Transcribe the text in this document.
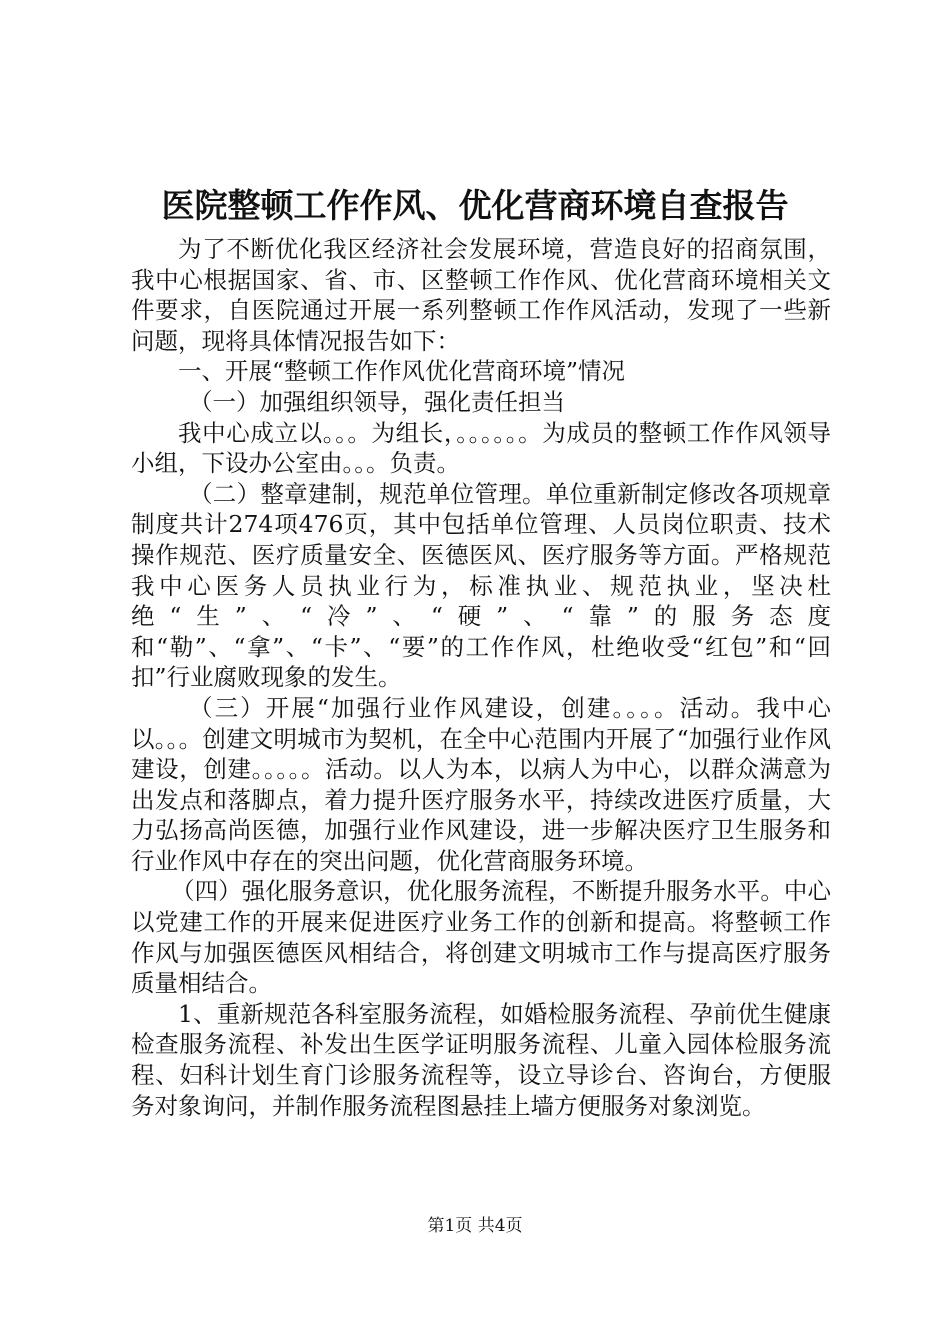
医院整顿工作作风、优化营商环境自查报告

为了不断优化我区经济社会发展环境，营造良好的招商氛围，我中心根据国家、省、市、区整顿工作作风、优化营商环境相关文件要求，自医院通过开展一系列整顿工作作风活动，发现了一些新问题，现将具体情况报告如下：

一、开展“整顿工作作风优化营商环境”情况

（一）加强组织领导，强化责任担当

我中心成立以。。。为组长，。。。。。。为成员的整顿工作作风领导小组，下设办公室由。。。负责。

（二）整章建制，规范单位管理。单位重新制定修改各项规章制度共计274项476页，其中包括单位管理、人员岗位职责、技术操作规范、医疗质量安全、医德医风、医疗服务等方面。严格规范我中心医务人员执业行为，标准执业、规范执业，坚决杜绝“生”、“冷”、“硬”、“靠”的服务态度和“勒”、“拿”、“卡”、“要”的工作作风，杜绝收受“红包”和“回扣”行业腐败现象的发生。

（三）开展“加强行业作风建设，创建。。。。活动。我中心以。。。创建文明城市为契机，在全中心范围内开展了“加强行业作风建设，创建。。。。。活动。以人为本，以病人为中心，以群众满意为出发点和落脚点，着力提升医疗服务水平，持续改进医疗质量，大力弘扬高尚医德，加强行业作风建设，进一步解决医疗卫生服务和行业作风中存在的突出问题，优化营商服务环境。

（四）强化服务意识，优化服务流程，不断提升服务水平。中心以党建工作的开展来促进医疗业务工作的创新和提高。将整顿工作作风与加强医德医风相结合，将创建文明城市工作与提高医疗服务质量相结合。

1、重新规范各科室服务流程，如婚检服务流程、孕前优生健康检查服务流程、补发出生医学证明服务流程、儿童入园体检服务流程、妇科计划生育门诊服务流程等，设立导诊台、咨询台，方便服务对象询问，并制作服务流程图悬挂上墙方便服务对象浏览。

第1页 共4页
